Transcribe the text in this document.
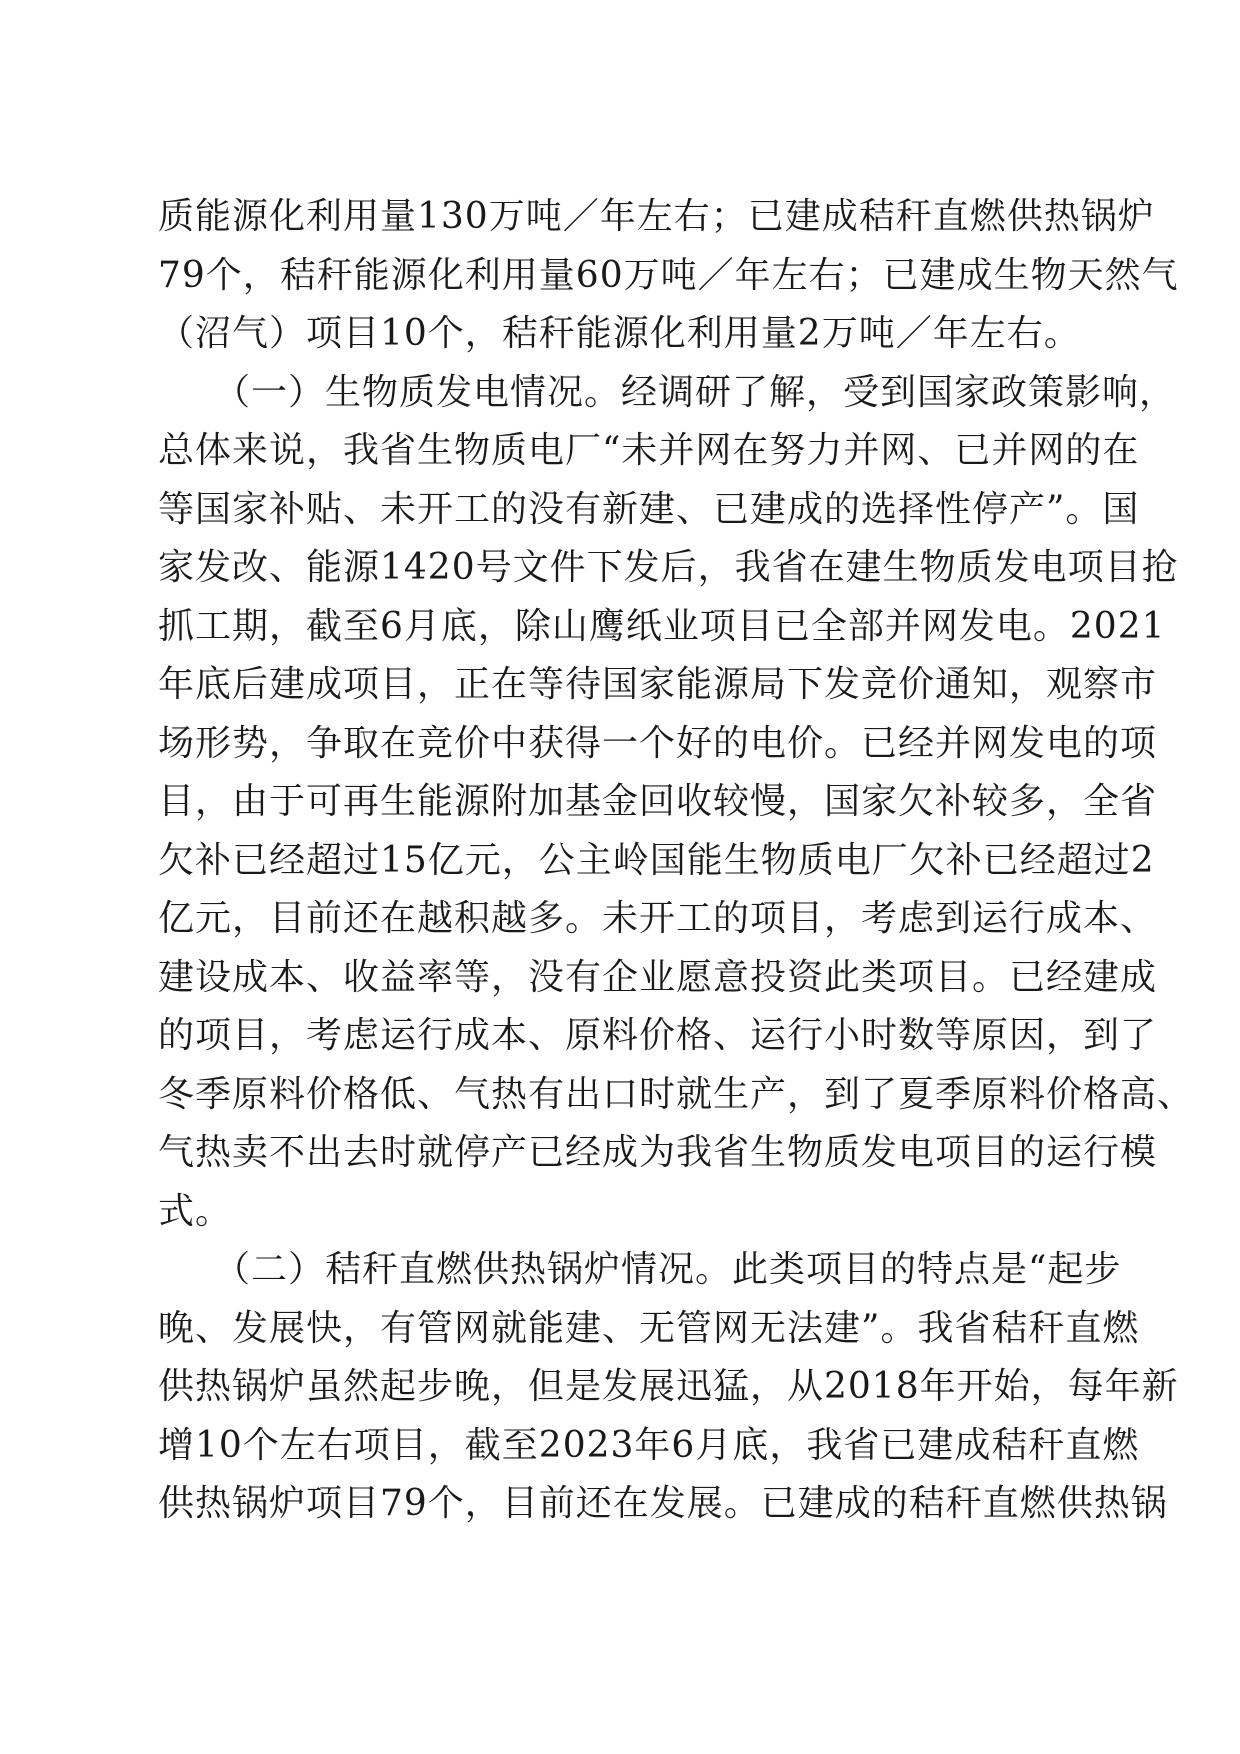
质能源化利用量130万吨／年左右；已建成秸秆直燃供热锅炉
79个，秸秆能源化利用量60万吨／年左右；已建成生物天然气
（沼气）项目10个，秸秆能源化利用量2万吨／年左右。
　　（一）生物质发电情况。经调研了解，受到国家政策影响，
总体来说，我省生物质电厂“未并网在努力并网、已并网的在
等国家补贴、未开工的没有新建、已建成的选择性停产”。国
家发改、能源1420号文件下发后，我省在建生物质发电项目抢
抓工期，截至6月底，除山鹰纸业项目已全部并网发电。2021
年底后建成项目，正在等待国家能源局下发竞价通知，观察市
场形势，争取在竞价中获得一个好的电价。已经并网发电的项
目，由于可再生能源附加基金回收较慢，国家欠补较多，全省
欠补已经超过15亿元，公主岭国能生物质电厂欠补已经超过2
亿元，目前还在越积越多。未开工的项目，考虑到运行成本、
建设成本、收益率等，没有企业愿意投资此类项目。已经建成
的项目，考虑运行成本、原料价格、运行小时数等原因，到了
冬季原料价格低、气热有出口时就生产，到了夏季原料价格高、
气热卖不出去时就停产已经成为我省生物质发电项目的运行模
式。
　　（二）秸秆直燃供热锅炉情况。此类项目的特点是“起步
晚、发展快，有管网就能建、无管网无法建”。我省秸秆直燃
供热锅炉虽然起步晚，但是发展迅猛，从2018年开始，每年新
增10个左右项目，截至2023年6月底，我省已建成秸秆直燃
供热锅炉项目79个，目前还在发展。已建成的秸秆直燃供热锅
